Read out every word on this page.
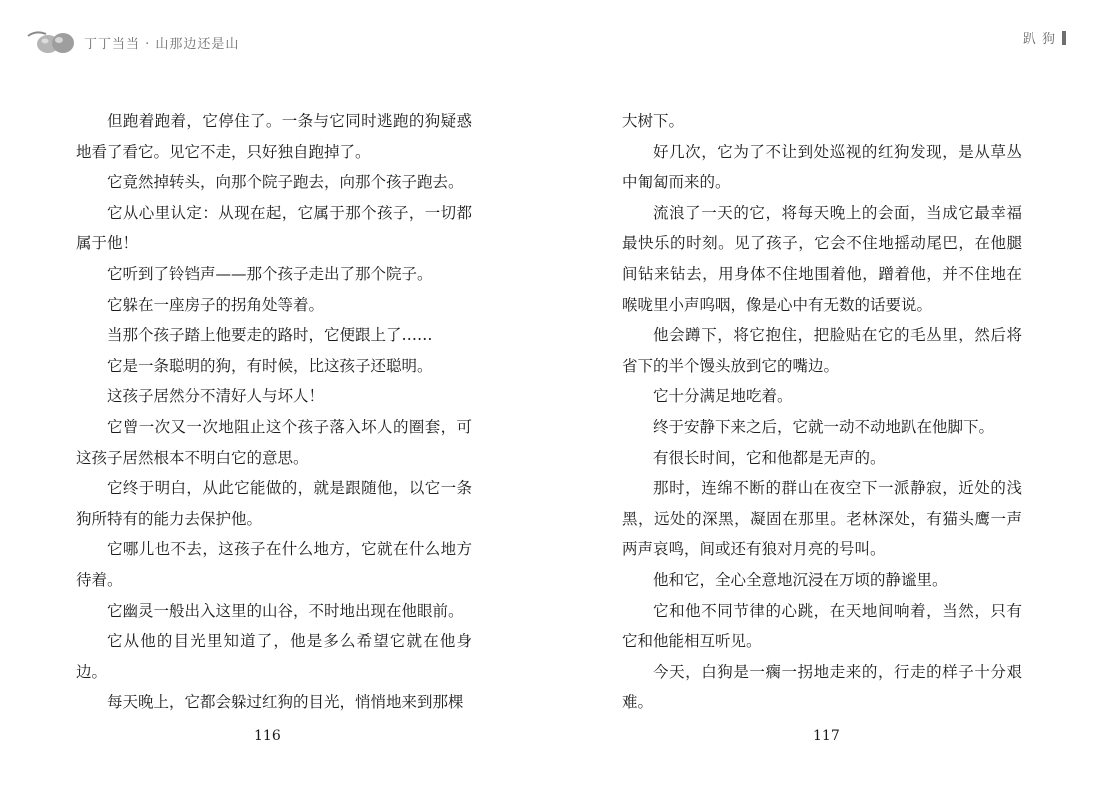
丁丁当当 · 山那边还是山

但跑着跑着，它停住了。一条与它同时逃跑的狗疑惑地看了看它。见它不走，只好独自跑掉了。

它竟然掉转头，向那个院子跑去，向那个孩子跑去。

它从心里认定：从现在起，它属于那个孩子，一切都属于他！

它听到了铃铛声——那个孩子走出了那个院子。

它躲在一座房子的拐角处等着。

当那个孩子踏上他要走的路时，它便跟上了……

它是一条聪明的狗，有时候，比这孩子还聪明。

这孩子居然分不清好人与坏人！

它曾一次又一次地阻止这个孩子落入坏人的圈套，可这孩子居然根本不明白它的意思。

它终于明白，从此它能做的，就是跟随他，以它一条狗所特有的能力去保护他。

它哪儿也不去，这孩子在什么地方，它就在什么地方待着。

它幽灵一般出入这里的山谷，不时地出现在他眼前。

它从他的目光里知道了，他是多么希望它就在他身边。

每天晚上，它都会躲过红狗的目光，悄悄地来到那棵

116
趴 狗

大树下。

好几次，它为了不让到处巡视的红狗发现，是从草丛中匍匐而来的。

流浪了一天的它，将每天晚上的会面，当成它最幸福最快乐的时刻。见了孩子，它会不住地摇动尾巴，在他腿间钻来钻去，用身体不住地围着他，蹭着他，并不住地在喉咙里小声呜咽，像是心中有无数的话要说。

他会蹲下，将它抱住，把脸贴在它的毛丛里，然后将省下的半个馒头放到它的嘴边。

它十分满足地吃着。

终于安静下来之后，它就一动不动地趴在他脚下。

有很长时间，它和他都是无声的。

那时，连绵不断的群山在夜空下一派静寂，近处的浅黑，远处的深黑，凝固在那里。老林深处，有猫头鹰一声两声哀鸣，间或还有狼对月亮的号叫。

他和它，全心全意地沉浸在万顷的静谧里。

它和他不同节律的心跳，在天地间响着，当然，只有它和他能相互听见。

今天，白狗是一瘸一拐地走来的，行走的样子十分艰难。

117
